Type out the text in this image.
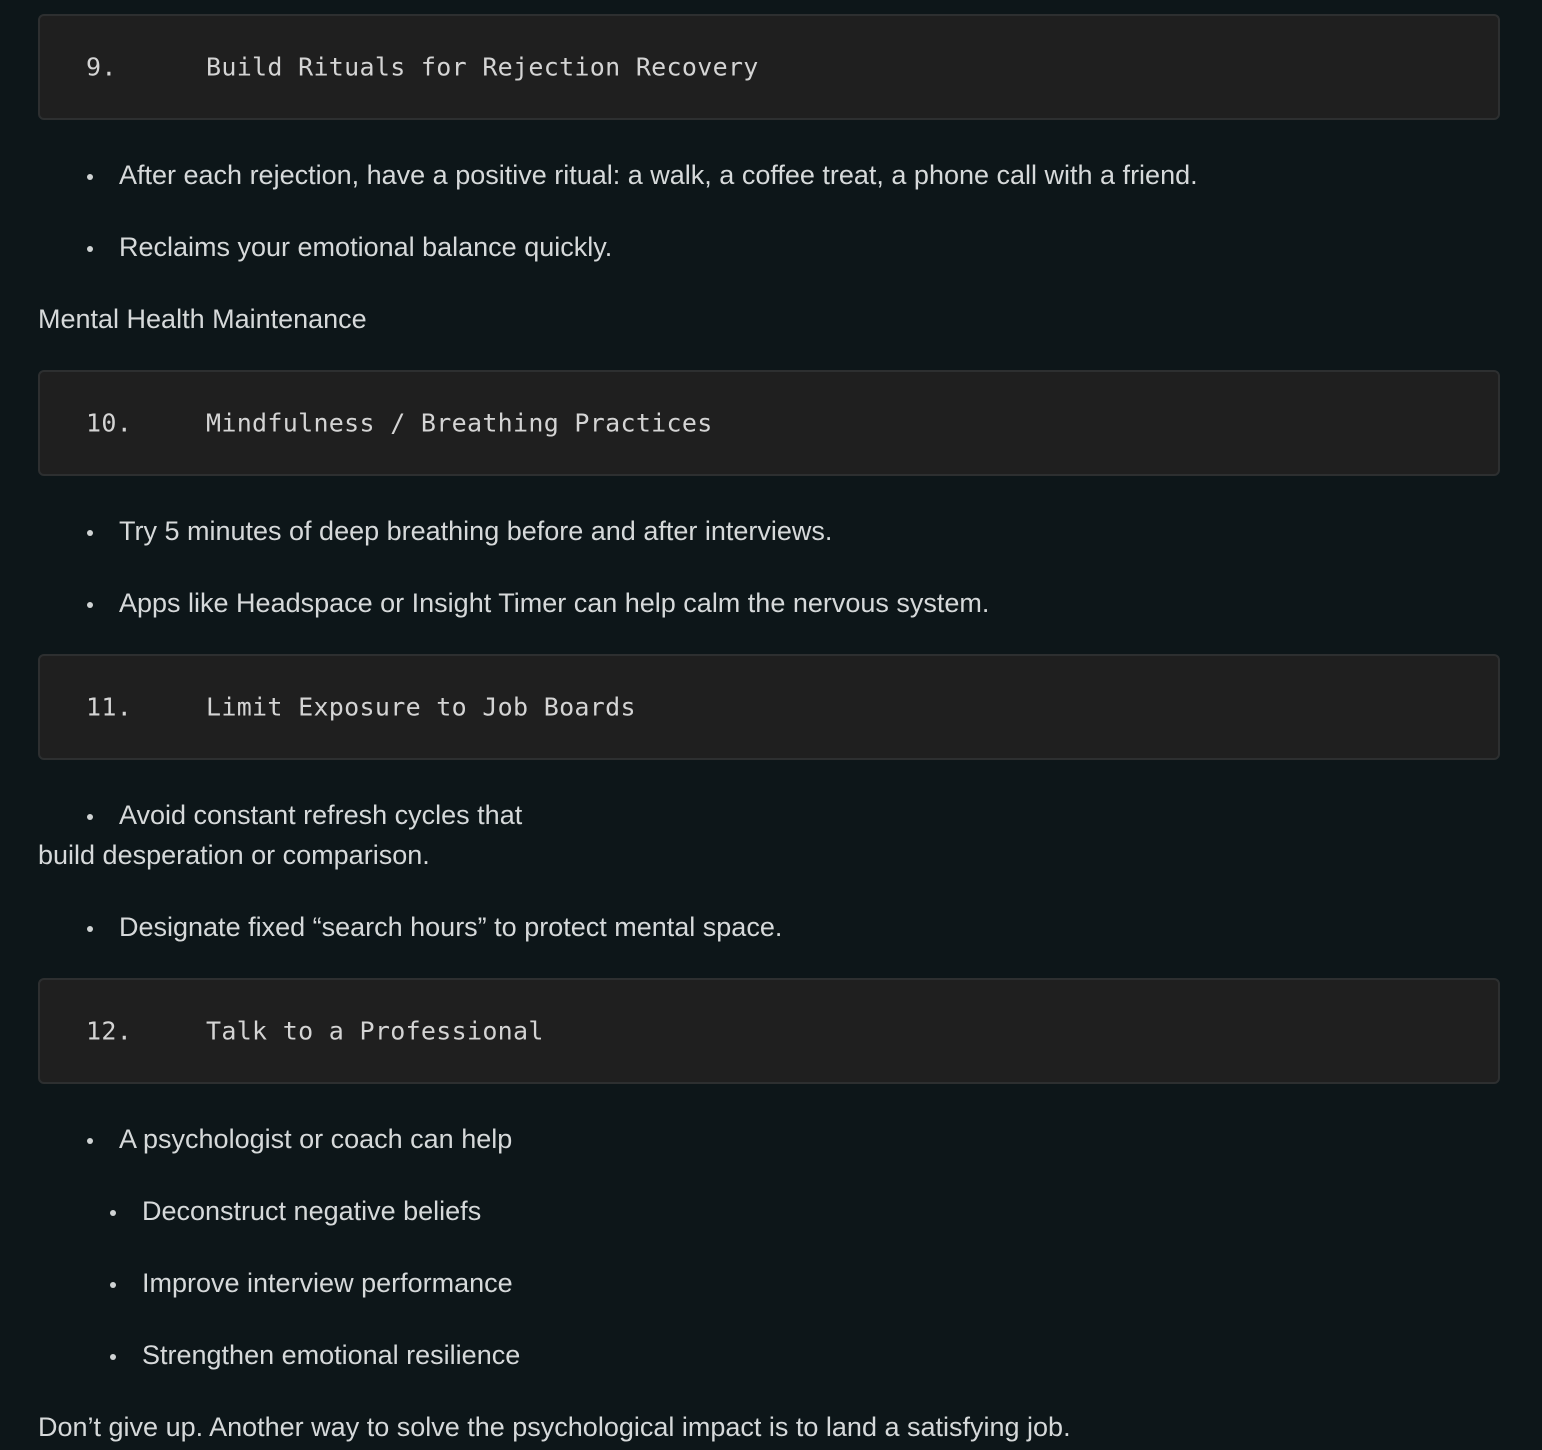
9.	Build Rituals for Rejection Recovery
After each rejection, have a positive ritual: a walk, a coffee treat, a phone call with a friend.
Reclaims your emotional balance quickly.
Mental Health Maintenance
10.	Mindfulness / Breathing Practices
Try 5 minutes of deep breathing before and after interviews.
Apps like Headspace or Insight Timer can help calm the nervous system.
11.	Limit Exposure to Job Boards
Avoid constant refresh cycles that
build desperation or comparison.
Designate fixed “search hours” to protect mental space.
12.	Talk to a Professional
A psychologist or coach can help
Deconstruct negative beliefs
Improve interview performance
Strengthen emotional resilience
Don’t give up. Another way to solve the psychological impact is to land a satisfying job.
